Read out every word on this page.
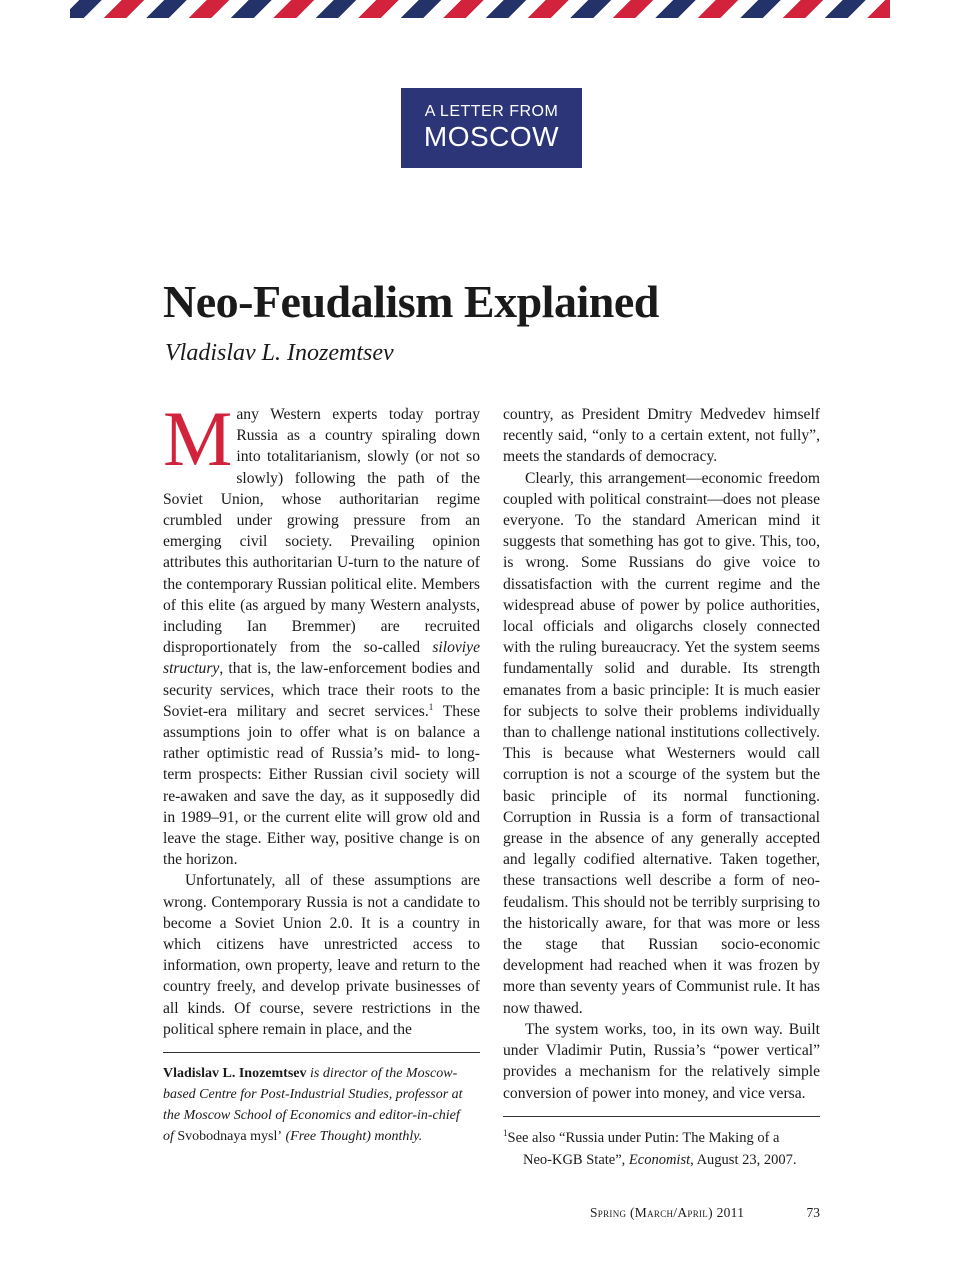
A LETTER FROM
MOSCOW
Neo-Feudalism Explained
Vladislav L. Inozemtsev

Many Western experts today portray Russia as a country spiraling down into totalitarianism, slowly (or not so slowly) following the path of the Soviet Union, whose authoritarian regime crumbled under growing pressure from an emerging civil society. Prevailing opinion attributes this authoritarian U-turn to the nature of the contemporary Russian political elite. Members of this elite (as argued by many Western analysts, including Ian Bremmer) are recruited disproportionately from the so-called siloviye structury, that is, the law-enforcement bodies and security services, which trace their roots to the Soviet-era military and secret services.$^1$ These assumptions join to offer what is on balance a rather optimistic read of Russia’s mid- to long-term prospects: Either Russian civil society will re-awaken and save the day, as it supposedly did in 1989–91, or the current elite will grow old and leave the stage. Either way, positive change is on the horizon.

Unfortunately, all of these assumptions are wrong. Contemporary Russia is not a candidate to become a Soviet Union 2.0. It is a country in which citizens have unrestricted access to information, own property, leave and return to the country freely, and develop private businesses of all kinds. Of course, severe restrictions in the political sphere remain in place, and the

country, as President Dmitry Medvedev himself recently said, “only to a certain extent, not fully”, meets the standards of democracy.

Clearly, this arrangement—economic freedom coupled with political constraint—does not please everyone. To the standard American mind it suggests that something has got to give. This, too, is wrong. Some Russians do give voice to dissatisfaction with the current regime and the widespread abuse of power by police authorities, local officials and oligarchs closely connected with the ruling bureaucracy. Yet the system seems fundamentally solid and durable. Its strength emanates from a basic principle: It is much easier for subjects to solve their problems individually than to challenge national institutions collectively. This is because what Westerners would call corruption is not a scourge of the system but the basic principle of its normal functioning. Corruption in Russia is a form of transactional grease in the absence of any generally accepted and legally codified alternative. Taken together, these transactions well describe a form of neo-feudalism. This should not be terribly surprising to the historically aware, for that was more or less the stage that Russian socio-economic development had reached when it was frozen by more than seventy years of Communist rule. It has now thawed.

The system works, too, in its own way. Built under Vladimir Putin, Russia’s “power vertical” provides a mechanism for the relatively simple conversion of power into money, and vice versa.

Vladislav L. Inozemtsev is director of the Moscow-based Centre for Post-Industrial Studies, professor at the Moscow School of Economics and editor-in-chief of Svobodnaya mysl’ (Free Thought) monthly.	$^1$See also “Russia under Putin: The Making of a
Neo-KGB State”, Economist, August 23, 2007.
Spring (March/April) 2011	73
